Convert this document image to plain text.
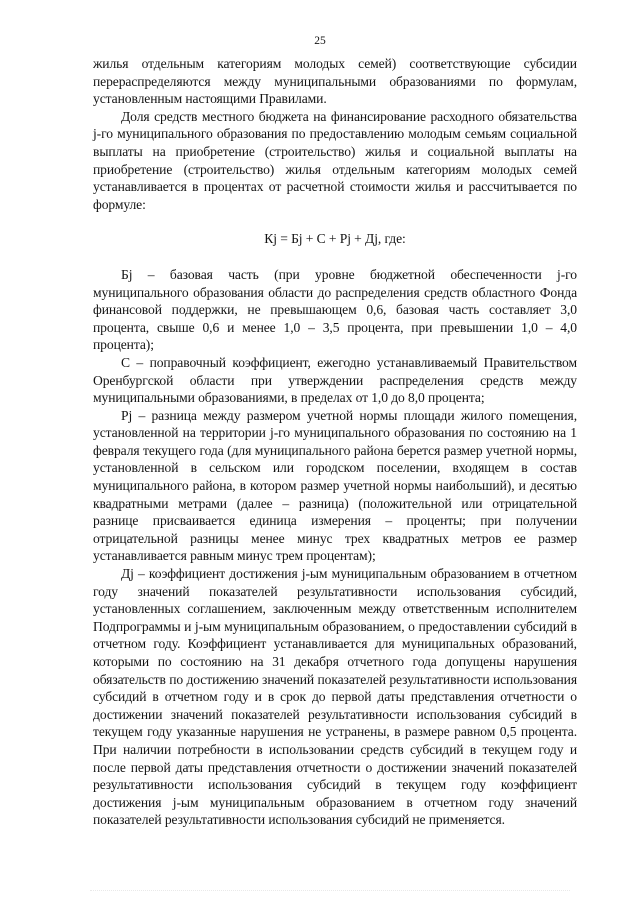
25

жилья отдельным категориям молодых семей) соответствующие субсидии перераспределяются между муниципальными образованиями по формулам, установленным настоящими Правилами.

Доля средств местного бюджета на финансирование расходного обязательства j-го муниципального образования по предоставлению молодым семьям социальной выплаты на приобретение (строительство) жилья и социальной выплаты на приобретение (строительство) жилья отдельным категориям молодых семей устанавливается в процентах от расчетной стоимости жилья и рассчитывается по формуле:

Кj = Бj + С + Рj + Дj, где:

Бj – базовая часть (при уровне бюджетной обеспеченности j-го муниципального образования области до распределения средств областного Фонда финансовой поддержки, не превышающем 0,6, базовая часть составляет 3,0 процента, свыше 0,6 и менее 1,0 – 3,5 процента, при превышении 1,0 – 4,0 процента);

С – поправочный коэффициент, ежегодно устанавливаемый Правительством Оренбургской области при утверждении распределения средств между муниципальными образованиями, в пределах от 1,0 до 8,0 процента;

Рj – разница между размером учетной нормы площади жилого помещения, установленной на территории j-го муниципального образования по состоянию на 1 февраля текущего года (для муниципального района берется размер учетной нормы, установленной в сельском или городском поселении, входящем в состав муниципального района, в котором размер учетной нормы наибольший), и десятью квадратными метрами (далее – разница) (положительной или отрицательной разнице присваивается единица измерения – проценты; при получении отрицательной разницы менее минус трех квадратных метров ее размер устанавливается равным минус трем процентам);

Дj – коэффициент достижения j-ым муниципальным образованием в отчетном году значений показателей результативности использования субсидий, установленных соглашением, заключенным между ответственным исполнителем Подпрограммы и j-ым муниципальным образованием, о предоставлении субсидий в отчетном году. Коэффициент устанавливается для муниципальных образований, которыми по состоянию на 31 декабря отчетного года допущены нарушения обязательств по достижению значений показателей результативности использования субсидий в отчетном году и в срок до первой даты представления отчетности о достижении значений показателей результативности использования субсидий в текущем году указанные нарушения не устранены, в размере равном 0,5 процента. При наличии потребности в использовании средств субсидий в текущем году и после первой даты представления отчетности о достижении значений показателей результативности использования субсидий в текущем году коэффициент достижения j-ым муниципальным образованием в отчетном году значений показателей результативности использования субсидий не применяется.
